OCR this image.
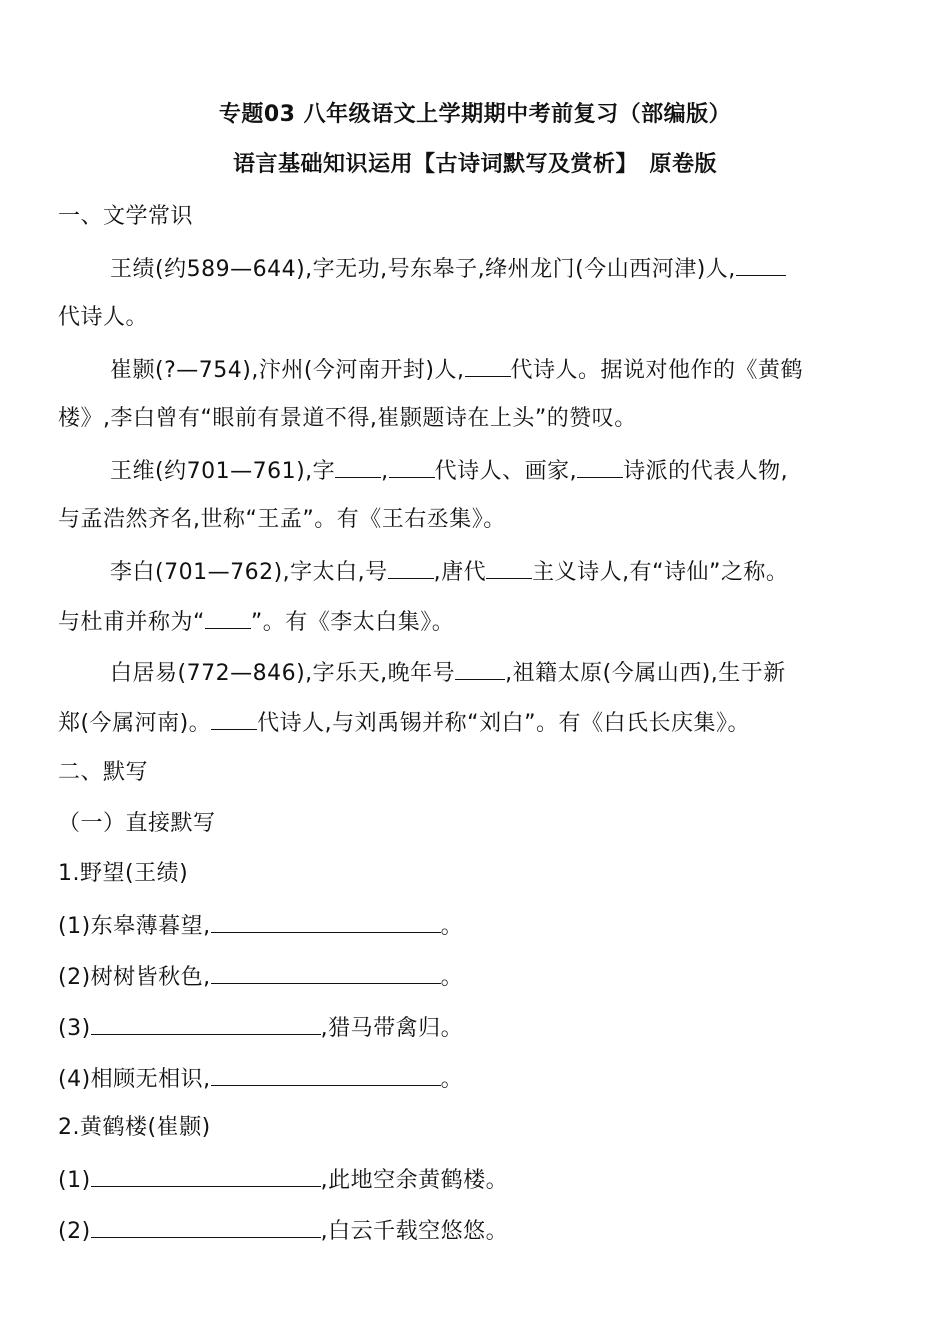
专题03 八年级语文上学期期中考前复习（部编版）
语言基础知识运用【古诗词默写及赏析】　原卷版
一、文学常识
王绩(约589—644),字无功,号东皋子,绛州龙门(今山西河津)人,
代诗人。
崔颢(?—754),汴州(今河南开封)人, 代诗人。据说对他作的《黄鹤
楼》,李白曾有“眼前有景道不得,崔颢题诗在上头”的赞叹。
王维(约701—761),字 , 代诗人、画家, 诗派的代表人物,
与孟浩然齐名,世称“王孟”。有《王右丞集》。
李白(701—762),字太白,号 ,唐代 主义诗人,有“诗仙”之称。
与杜甫并称为“ ”。有《李太白集》。
白居易(772—846),字乐天,晚年号 ,祖籍太原(今属山西),生于新
郑(今属河南)。 代诗人,与刘禹锡并称“刘白”。有《白氏长庆集》。
二、默写
（一）直接默写
1.野望(王绩)
(1)东皋薄暮望,	。
(2)树树皆秋色,	。
(3)	,猎马带禽归。
(4)相顾无相识,	。
2.黄鹤楼(崔颢)
(1)	,此地空余黄鹤楼。
(2)	,白云千载空悠悠。
